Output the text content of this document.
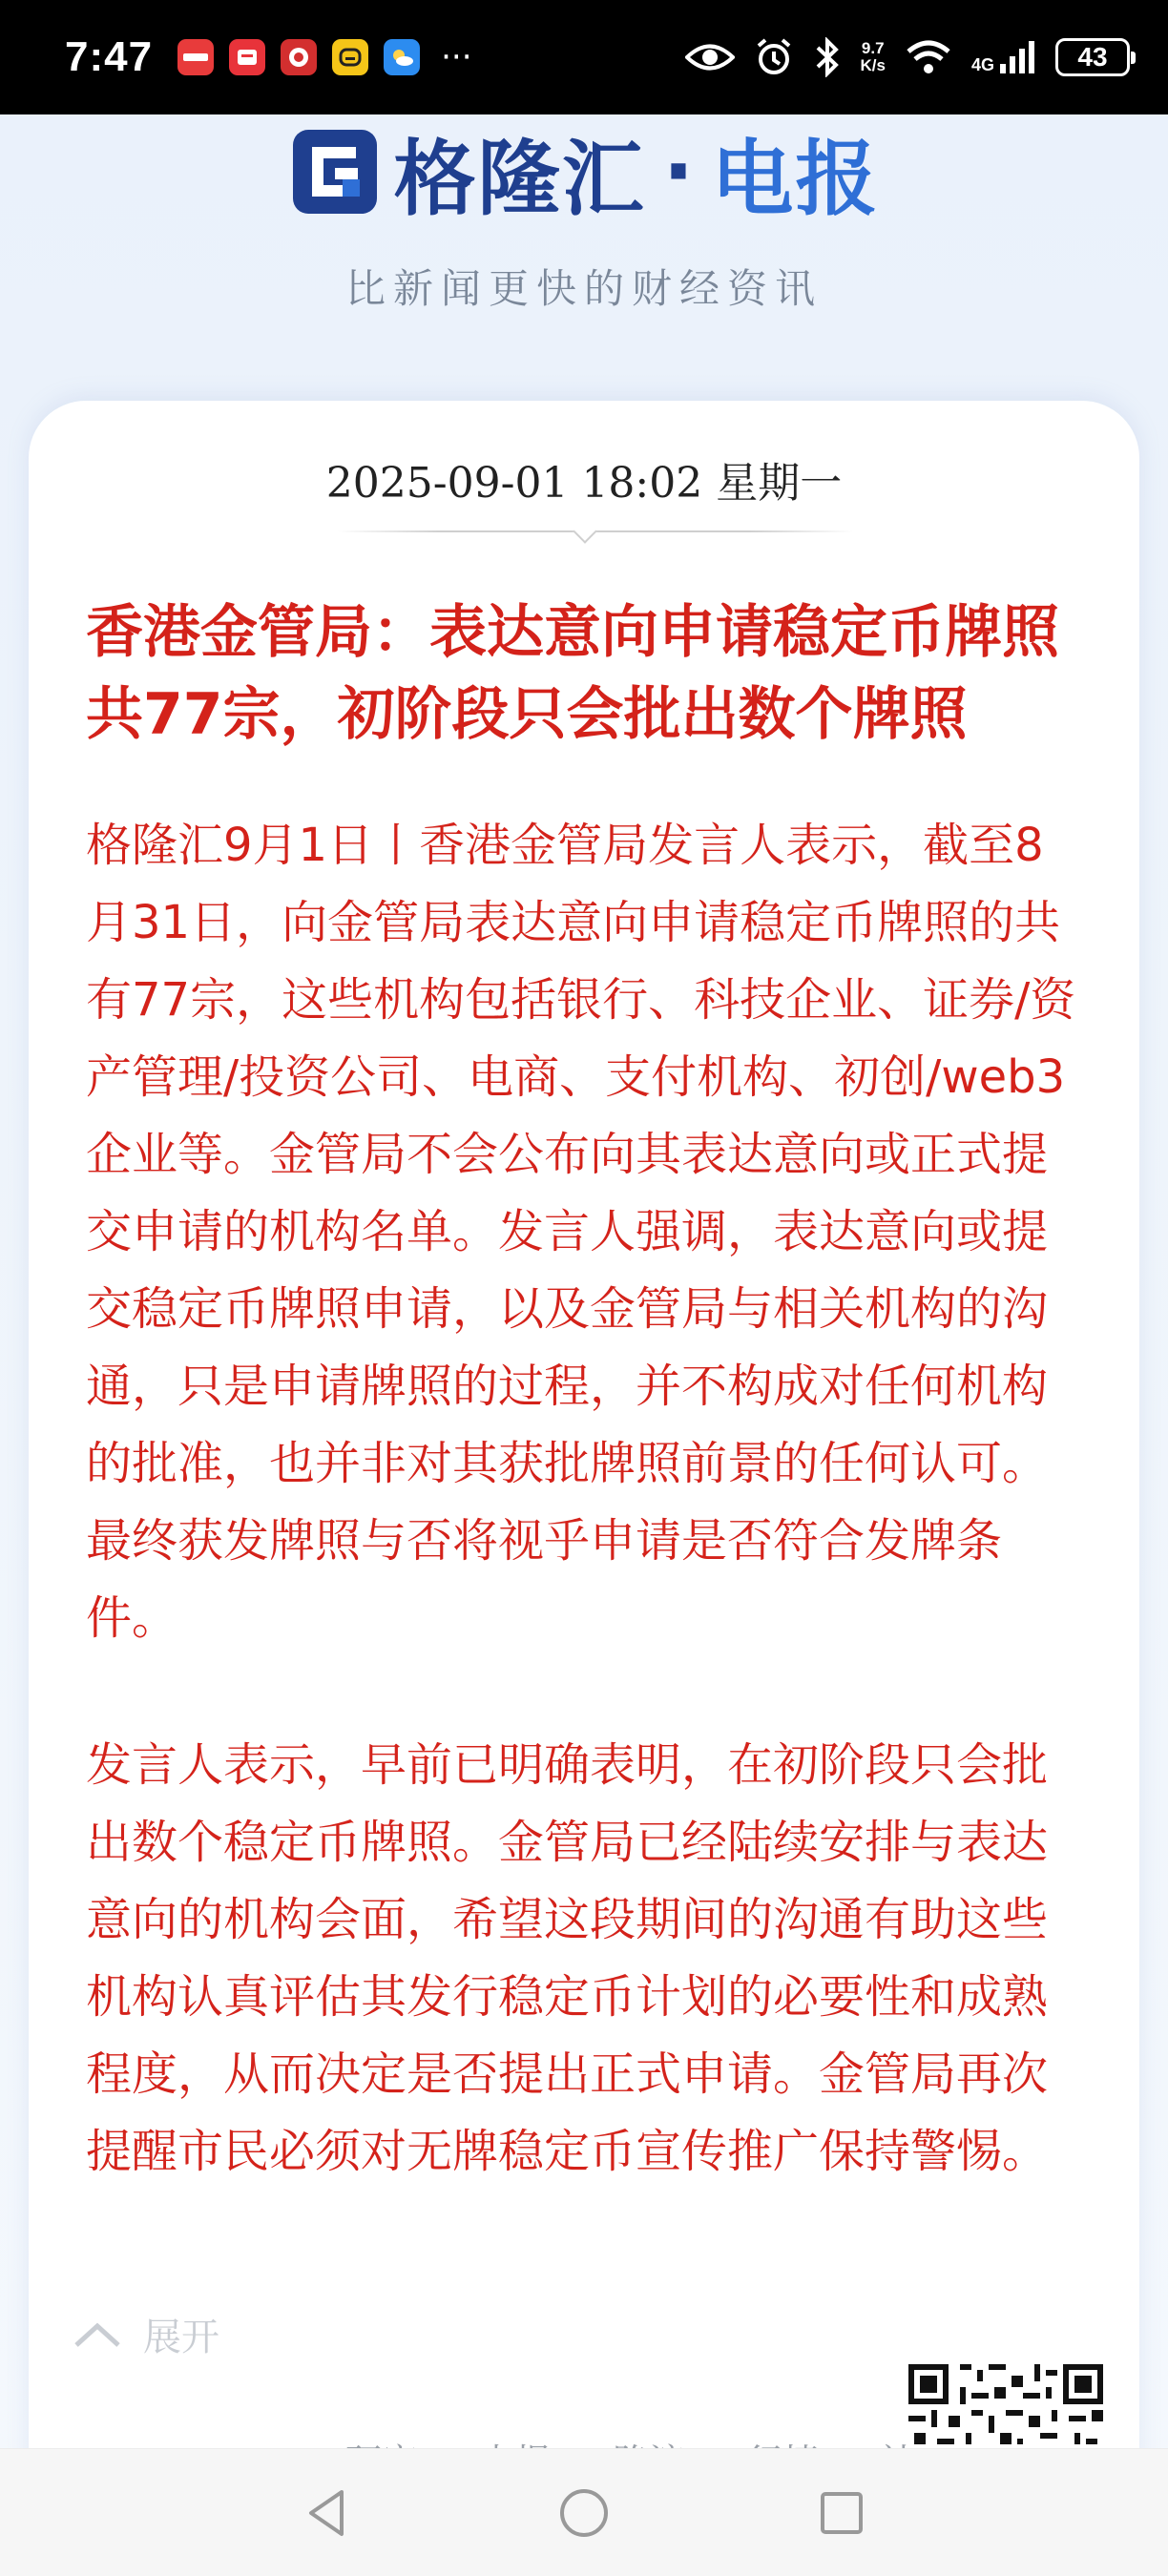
7:47	···	9.7
K/s	4G	43
格隆汇 · 电报
比新闻更快的财经资讯
2025-09-01 18:02 星期一
香港金管局：表达意向申请稳定币牌照共77宗，初阶段只会批出数个牌照
格隆汇9月1日丨香港金管局发言人表示，截至8月31日，向金管局表达意向申请稳定币牌照的共有77宗，这些机构包括银行、科技企业、证券/资产管理/投资公司、电商、支付机构、初创/web3企业等。金管局不会公布向其表达意向或正式提交申请的机构名单。发言人强调，表达意向或提交稳定币牌照申请，以及金管局与相关机构的沟通，只是申请牌照的过程，并不构成对任何机构的批准，也并非对其获批牌照前景的任何认可。最终获发牌照与否将视乎申请是否符合发牌条件。
发言人表示，早前已明确表明，在初阶段只会批出数个稳定币牌照。金管局已经陆续安排与表达意向的机构会面，希望这段期间的沟通有助这些机构认真评估其发行稳定币计划的必要性和成熟程度，从而决定是否提出正式申请。金管局再次提醒市民必须对无牌稳定币宣传推广保持警惕。
展开
